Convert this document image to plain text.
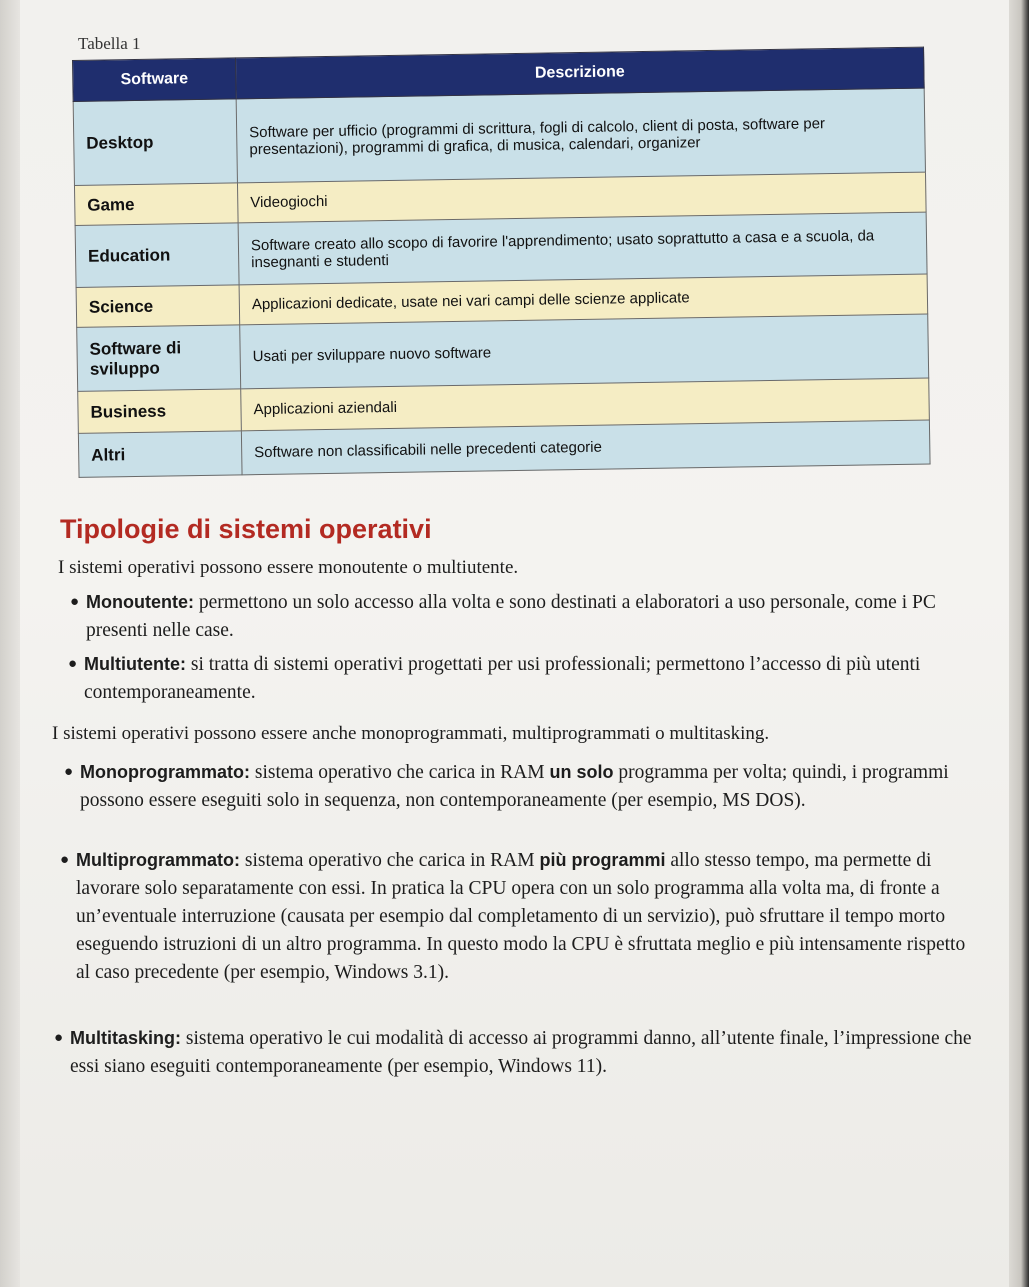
Tabella 1
Software	Descrizione
Desktop	Software per ufficio (programmi di scrittura, fogli di calcolo, client di posta, software per presentazioni), programmi di grafica, di musica, calendari, organizer
Game	Videogiochi
Education	Software creato allo scopo di favorire l'apprendimento; usato soprattutto a casa e a scuola, da insegnanti e studenti
Science	Applicazioni dedicate, usate nei vari campi delle scienze applicate
Software di sviluppo	Usati per sviluppare nuovo software
Business	Applicazioni aziendali
Altri	Software non classificabili nelle precedenti categorie
Tipologie di sistemi operativi

I sistemi operativi possono essere monoutente o multiutente.

● Monoutente: permettono un solo accesso alla volta e sono destinati a elaboratori a uso personale, come i PC presenti nelle case.

● Multiutente: si tratta di sistemi operativi progettati per usi professionali; permettono l’accesso di più utenti contemporaneamente.

I sistemi operativi possono essere anche monoprogrammati, multiprogrammati o multitasking.

● Monoprogrammato: sistema operativo che carica in RAM un solo programma per volta; quindi, i programmi possono essere eseguiti solo in sequenza, non contemporaneamente (per esempio, MS DOS).

● Multiprogrammato: sistema operativo che carica in RAM più programmi allo stesso tempo, ma permette di lavorare solo separatamente con essi. In pratica la CPU opera con un solo programma alla volta ma, di fronte a un’eventuale interruzione (causata per esempio dal completamento di un servizio), può sfruttare il tempo morto eseguendo istruzioni di un altro programma. In questo modo la CPU è sfruttata meglio e più intensamente rispetto al caso precedente (per esempio, Windows 3.1).

● Multitasking: sistema operativo le cui modalità di accesso ai programmi danno, all’utente finale, l’impressione che essi siano eseguiti contemporaneamente (per esempio, Windows 11).
